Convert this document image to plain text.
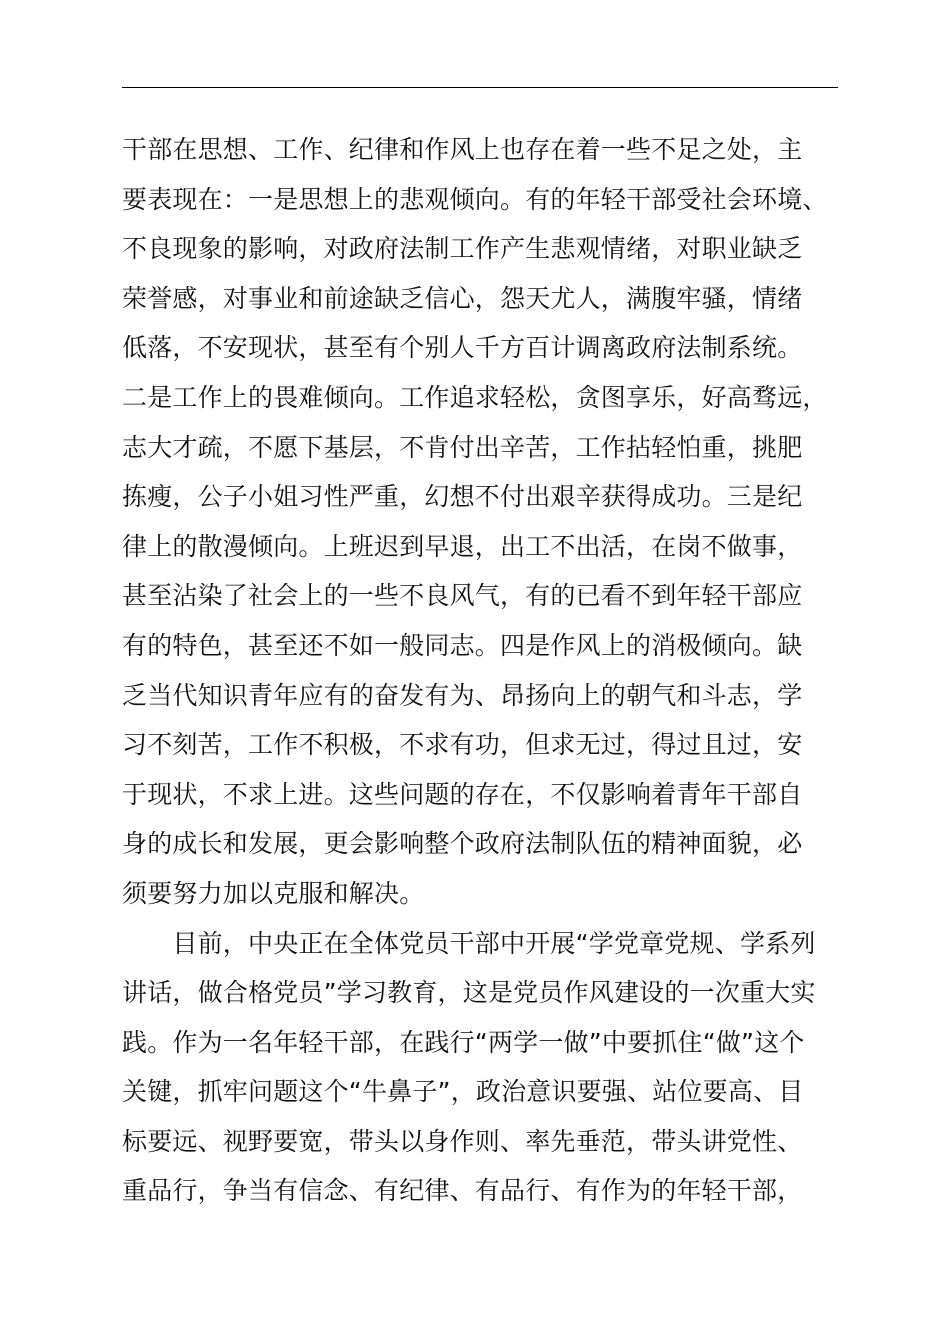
干部在思想、工作、纪律和作风上也存在着一些不足之处，主
要表现在：一是思想上的悲观倾向。有的年轻干部受社会环境、
不良现象的影响，对政府法制工作产生悲观情绪，对职业缺乏
荣誉感，对事业和前途缺乏信心，怨天尤人，满腹牢骚，情绪
低落，不安现状，甚至有个别人千方百计调离政府法制系统。
二是工作上的畏难倾向。工作追求轻松，贪图享乐，好高骛远，
志大才疏，不愿下基层，不肯付出辛苦，工作拈轻怕重，挑肥
拣瘦，公子小姐习性严重，幻想不付出艰辛获得成功。三是纪
律上的散漫倾向。上班迟到早退，出工不出活，在岗不做事，
甚至沾染了社会上的一些不良风气，有的已看不到年轻干部应
有的特色，甚至还不如一般同志。四是作风上的消极倾向。缺
乏当代知识青年应有的奋发有为、昂扬向上的朝气和斗志，学
习不刻苦，工作不积极，不求有功，但求无过，得过且过，安
于现状，不求上进。这些问题的存在，不仅影响着青年干部自
身的成长和发展，更会影响整个政府法制队伍的精神面貌，必
须要努力加以克服和解决。
　　目前，中央正在全体党员干部中开展“学党章党规、学系列
讲话，做合格党员”学习教育，这是党员作风建设的一次重大实
践。作为一名年轻干部，在践行“两学一做”中要抓住“做”这个
关键，抓牢问题这个“牛鼻子”，政治意识要强、站位要高、目
标要远、视野要宽，带头以身作则、率先垂范，带头讲党性、
重品行，争当有信念、有纪律、有品行、有作为的年轻干部，
